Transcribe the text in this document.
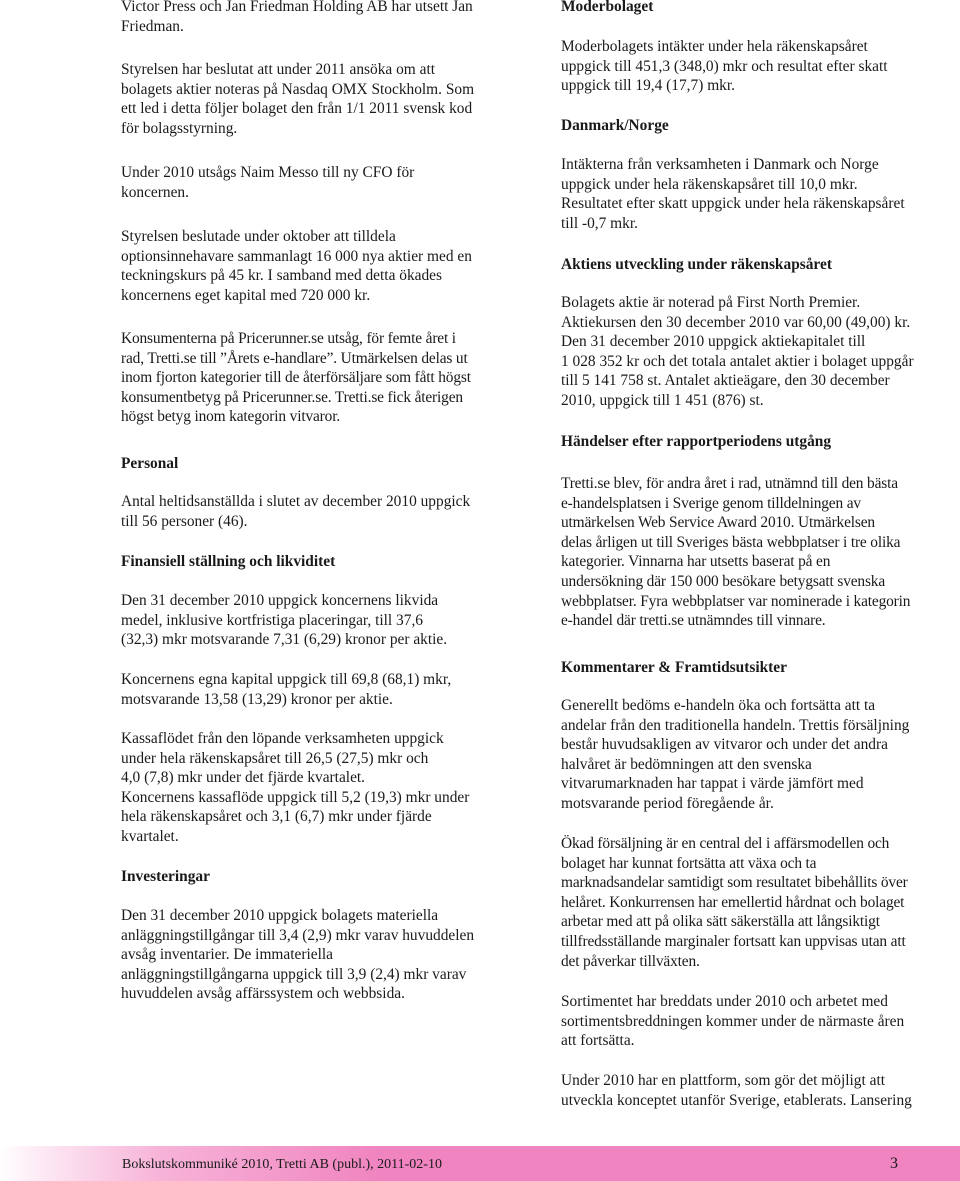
Victor Press och Jan Friedman Holding AB har utsett Jan
Friedman.

Styrelsen har beslutat att under 2011 ansöka om att
bolagets aktier noteras på Nasdaq OMX Stockholm. Som
ett led i detta följer bolaget den från 1/1 2011 svensk kod
för bolagsstyrning.

Under 2010 utsågs Naim Messo till ny CFO för
koncernen.

Styrelsen beslutade under oktober att tilldela
optionsinnehavare sammanlagt 16 000 nya aktier med en
teckningskurs på 45 kr. I samband med detta ökades
koncernens eget kapital med 720 000 kr.

Konsumenterna på Pricerunner.se utsåg, för femte året i
rad, Tretti.se till ”Årets e-handlare”. Utmärkelsen delas ut
inom fjorton kategorier till de återförsäljare som fått högst
konsumentbetyg på Pricerunner.se. Tretti.se fick återigen
högst betyg inom kategorin vitvaror.

Personal

Antal heltidsanställda i slutet av december 2010 uppgick
till 56 personer (46).

Finansiell ställning och likviditet

Den 31 december 2010 uppgick koncernens likvida
medel, inklusive kortfristiga placeringar, till 37,6
(32,3) mkr motsvarande 7,31 (6,29) kronor per aktie.

Koncernens egna kapital uppgick till 69,8 (68,1) mkr,
motsvarande 13,58 (13,29) kronor per aktie.

Kassaflödet från den löpande verksamheten uppgick
under hela räkenskapsåret till 26,5 (27,5) mkr och
4,0 (7,8) mkr under det fjärde kvartalet.
Koncernens kassaflöde uppgick till 5,2 (19,3) mkr under
hela räkenskapsåret och 3,1 (6,7) mkr under fjärde
kvartalet.

Investeringar

Den 31 december 2010 uppgick bolagets materiella
anläggningstillgångar till 3,4 (2,9) mkr varav huvuddelen
avsåg inventarier. De immateriella
anläggningstillgångarna uppgick till 3,9 (2,4) mkr varav
huvuddelen avsåg affärssystem och webbsida.

Moderbolaget

Moderbolagets intäkter under hela räkenskapsåret
uppgick till 451,3 (348,0) mkr och resultat efter skatt
uppgick till 19,4 (17,7) mkr.

Danmark/Norge

Intäkterna från verksamheten i Danmark och Norge
uppgick under hela räkenskapsåret till 10,0 mkr.
Resultatet efter skatt uppgick under hela räkenskapsåret
till -0,7 mkr.

Aktiens utveckling under räkenskapsåret

Bolagets aktie är noterad på First North Premier.
Aktiekursen den 30 december 2010 var 60,00 (49,00) kr.
Den 31 december 2010 uppgick aktiekapitalet till
1 028 352 kr och det totala antalet aktier i bolaget uppgår
till 5 141 758 st. Antalet aktieägare, den 30 december
2010, uppgick till 1 451 (876) st.

Händelser efter rapportperiodens utgång

Tretti.se blev, för andra året i rad, utnämnd till den bästa
e-handelsplatsen i Sverige genom tilldelningen av
utmärkelsen Web Service Award 2010. Utmärkelsen
delas årligen ut till Sveriges bästa webbplatser i tre olika
kategorier. Vinnarna har utsetts baserat på en
undersökning där 150 000 besökare betygsatt svenska
webbplatser. Fyra webbplatser var nominerade i kategorin
e-handel där tretti.se utnämndes till vinnare.

Kommentarer & Framtidsutsikter

Generellt bedöms e-handeln öka och fortsätta att ta
andelar från den traditionella handeln. Trettis försäljning
består huvudsakligen av vitvaror och under det andra
halvåret är bedömningen att den svenska
vitvarumarknaden har tappat i värde jämfört med
motsvarande period föregående år.

Ökad försäljning är en central del i affärsmodellen och
bolaget har kunnat fortsätta att växa och ta
marknadsandelar samtidigt som resultatet bibehållits över
helåret. Konkurrensen har emellertid hårdnat och bolaget
arbetar med att på olika sätt säkerställa att långsiktigt
tillfredsställande marginaler fortsatt kan uppvisas utan att
det påverkar tillväxten.

Sortimentet har breddats under 2010 och arbetet med
sortimentsbreddningen kommer under de närmaste åren
att fortsätta.

Under 2010 har en plattform, som gör det möjligt att
utveckla konceptet utanför Sverige, etablerats. Lansering

Bokslutskommuniké 2010, Tretti AB (publ.), 2011-02-10	3
